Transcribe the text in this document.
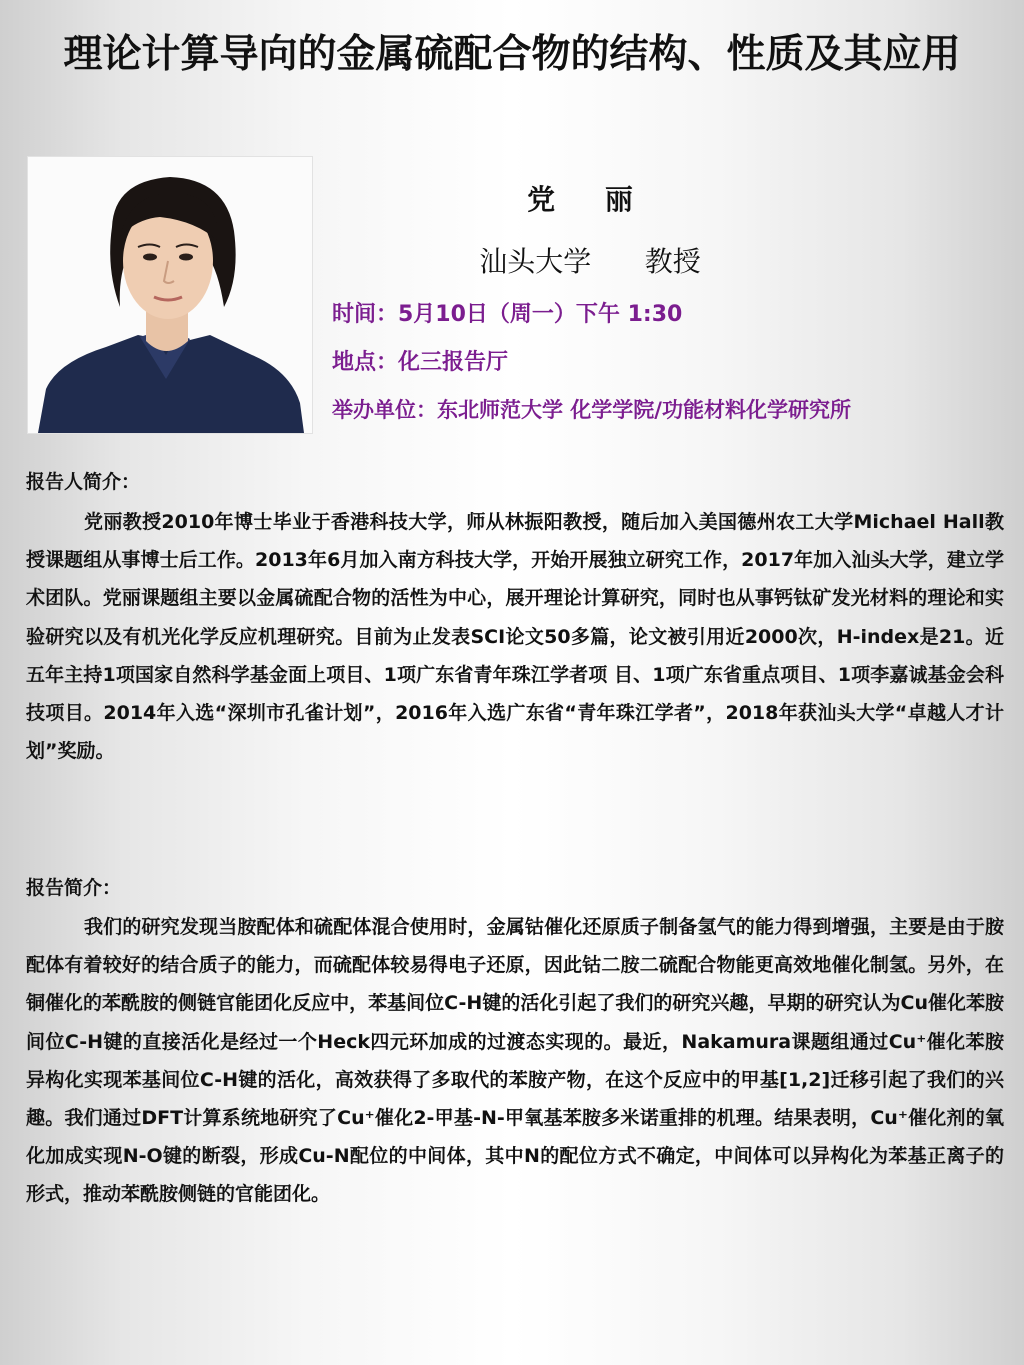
理论计算导向的金属硫配合物的结构、性质及其应用
党 丽
汕头大学      教授
时间：5月10日（周一）下午 1:30
地点：化三报告厅
举办单位：东北师范大学 化学学院/功能材料化学研究所
报告人简介：

党丽教授2010年博士毕业于香港科技大学，师从林振阳教授，随后加入美国德州农工大学Michael Hall教授课题组从事博士后工作。2013年6月加入南方科技大学，开始开展独立研究工作，2017年加入汕头大学，建立学术团队。党丽课题组主要以金属硫配合物的活性为中心，展开理论计算研究，同时也从事钙钛矿发光材料的理论和实验研究以及有机光化学反应机理研究。目前为止发表SCI论文50多篇，论文被引用近2000次，H-index是21。近五年主持1项国家自然科学基金面上项目、1项广东省青年珠江学者项 目、1项广东省重点项目、1项李嘉诚基金会科技项目。2014年入选“深圳市孔雀计划”，2016年入选广东省“青年珠江学者”，2018年获汕头大学“卓越人才计划”奖励。

报告简介：

我们的研究发现当胺配体和硫配体混合使用时，金属钴催化还原质子制备氢气的能力得到增强，主要是由于胺配体有着较好的结合质子的能力，而硫配体较易得电子还原，因此钴二胺二硫配合物能更高效地催化制氢。另外，在铜催化的苯酰胺的侧链官能团化反应中，苯基间位C-H键的活化引起了我们的研究兴趣，早期的研究认为Cu催化苯胺间位C-H键的直接活化是经过一个Heck四元环加成的过渡态实现的。最近，Nakamura课题组通过Cu⁺催化苯胺异构化实现苯基间位C-H键的活化，高效获得了多取代的苯胺产物，在这个反应中的甲基[1,2]迁移引起了我们的兴趣。我们通过DFT计算系统地研究了Cu⁺催化2-甲基-N-甲氧基苯胺多米诺重排的机理。结果表明，Cu⁺催化剂的氧化加成实现N-O键的断裂，形成Cu-N配位的中间体，其中N的配位方式不确定，中间体可以异构化为苯基正离子的形式，推动苯酰胺侧链的官能团化。
